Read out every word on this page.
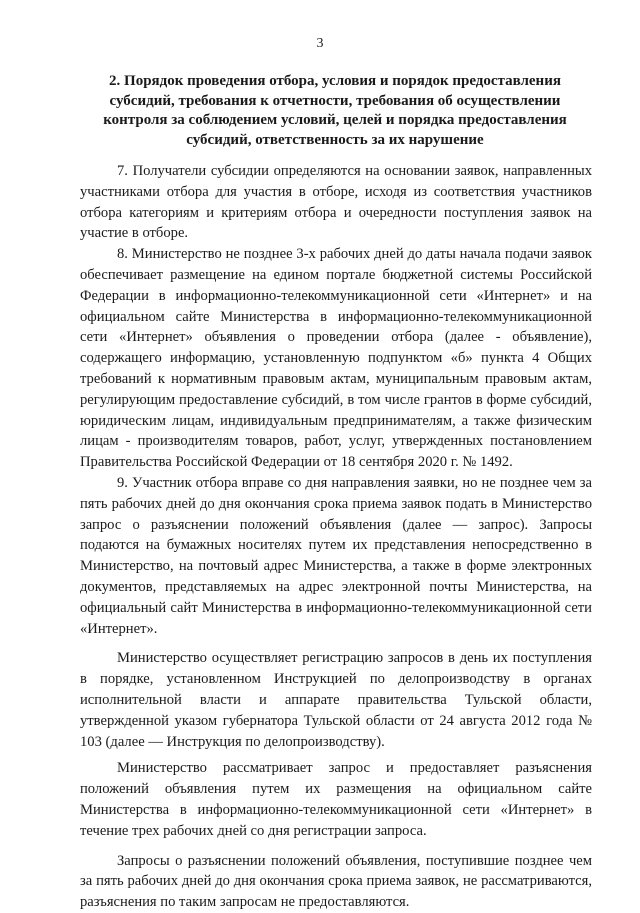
3
2. Порядок проведения отбора, условия и порядок предоставления субсидий, требования к отчетности, требования об осуществлении контроля за соблюдением условий, целей и порядка предоставления субсидий, ответственность за их нарушение

7. Получатели субсидии определяются на основании заявок, направленных участниками отбора для участия в отборе, исходя из соответствия участников отбора категориям и критериям отбора и очередности поступления заявок на участие в отборе.

8. Министерство не позднее 3-х рабочих дней до даты начала подачи заявок обеспечивает размещение на едином портале бюджетной системы Российской Федерации в информационно-телекоммуникационной сети «Интернет» и на официальном сайте Министерства в информационно-телекоммуникационной сети «Интернет» объявления о проведении отбора (далее - объявление), содержащего информацию, установленную подпунктом «б» пункта 4 Общих требований к нормативным правовым актам, муниципальным правовым актам, регулирующим предоставление субсидий, в том числе грантов в форме субсидий, юридическим лицам, индивидуальным предпринимателям, а также физическим лицам - производителям товаров, работ, услуг, утвержденных постановлением Правительства Российской Федерации от 18 сентября 2020 г. № 1492.

9. Участник отбора вправе со дня направления заявки, но не позднее чем за пять рабочих дней до дня окончания срока приема заявок подать в Министерство запрос о разъяснении положений объявления (далее — запрос). Запросы подаются на бумажных носителях путем их представления непосредственно в Министерство, на почтовый адрес Министерства, а также в форме электронных документов, представляемых на адрес электронной почты Министерства, на официальный сайт Министерства в информационно-телекоммуникационной сети «Интернет».

Министерство осуществляет регистрацию запросов в день их поступления в порядке, установленном Инструкцией по делопроизводству в органах исполнительной власти и аппарате правительства Тульской области, утвержденной указом губернатора Тульской области от 24 августа 2012 года № 103 (далее — Инструкция по делопроизводству).

Министерство рассматривает запрос и предоставляет разъяснения положений объявления путем их размещения на официальном сайте Министерства в информационно-телекоммуникационной сети «Интернет» в течение трех рабочих дней со дня регистрации запроса.

Запросы о разъяснении положений объявления, поступившие позднее чем за пять рабочих дней до дня окончания срока приема заявок, не рассматриваются, разъяснения по таким запросам не предоставляются.
